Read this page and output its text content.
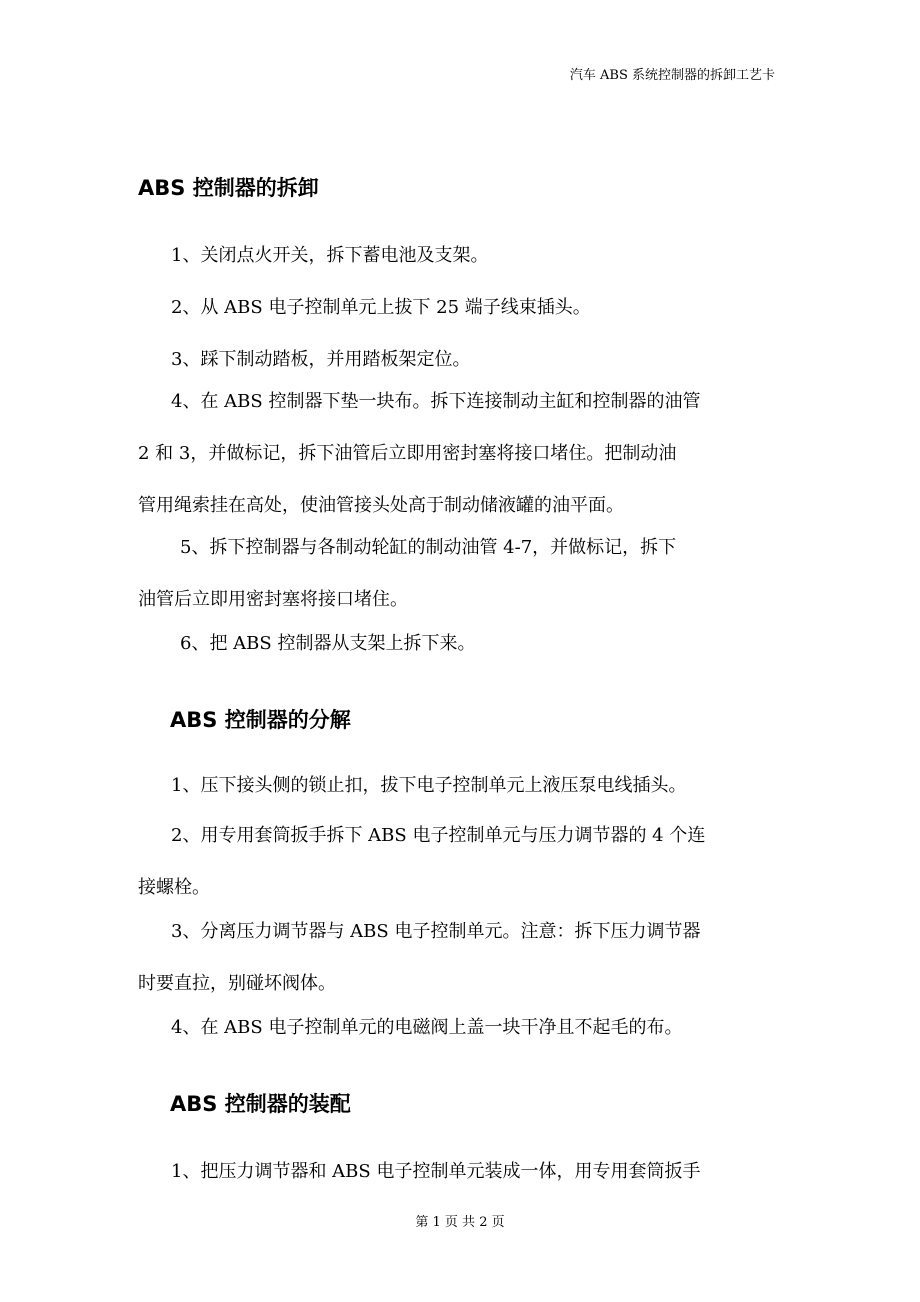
汽车 ABS 系统控制器的拆卸工艺卡
ABS 控制器的拆卸
1、关闭点火开关，拆下蓄电池及支架。
2、从 ABS 电子控制单元上拔下 25 端子线束插头。
3、踩下制动踏板，并用踏板架定位。
4、在 ABS 控制器下垫一块布。拆下连接制动主缸和控制器的油管
2 和 3，并做标记，拆下油管后立即用密封塞将接口堵住。把制动油
管用绳索挂在高处，使油管接头处高于制动储液罐的油平面。
5、拆下控制器与各制动轮缸的制动油管 4-7，并做标记，拆下
油管后立即用密封塞将接口堵住。
6、把 ABS 控制器从支架上拆下来。
ABS 控制器的分解
1、压下接头侧的锁止扣，拔下电子控制单元上液压泵电线插头。
2、用专用套筒扳手拆下 ABS 电子控制单元与压力调节器的 4 个连
接螺栓。
3、分离压力调节器与 ABS 电子控制单元。注意：拆下压力调节器
时要直拉，别碰坏阀体。
4、在 ABS 电子控制单元的电磁阀上盖一块干净且不起毛的布。
ABS 控制器的装配
1、把压力调节器和 ABS 电子控制单元装成一体，用专用套筒扳手
第 1 页 共 2 页
